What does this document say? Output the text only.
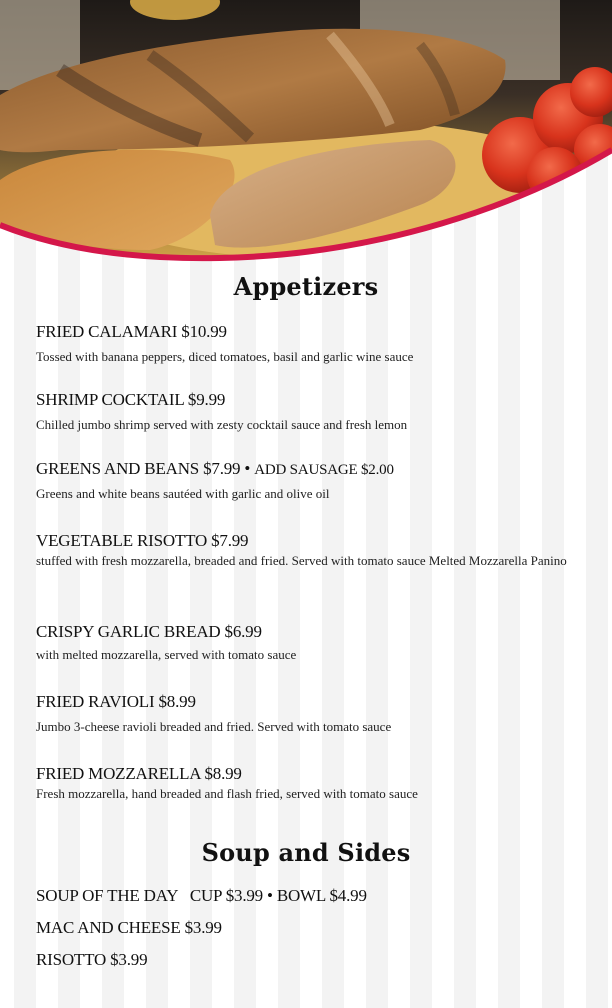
Appetizers
FRIED CALAMARI $10.99
Tossed with banana peppers, diced tomatoes, basil and garlic wine sauce
SHRIMP COCKTAIL $9.99
Chilled jumbo shrimp served with zesty cocktail sauce and fresh lemon
GREENS AND BEANS $7.99 • ADD SAUSAGE $2.00
Greens and white beans sautéed with garlic and olive oil
VEGETABLE RISOTTO $7.99
stuffed with fresh mozzarella, breaded and fried. Served with tomato sauce Melted Mozzarella Panino
CRISPY GARLIC BREAD $6.99
with melted mozzarella, served with tomato sauce
FRIED RAVIOLI $8.99
Jumbo 3-cheese ravioli breaded and fried. Served with tomato sauce
FRIED MOZZARELLA $8.99
Fresh mozzarella, hand breaded and flash fried, served with tomato sauce
Soup and Sides
SOUP OF THE DAY   CUP $3.99 • BOWL $4.99
MAC AND CHEESE $3.99
RISOTTO $3.99
